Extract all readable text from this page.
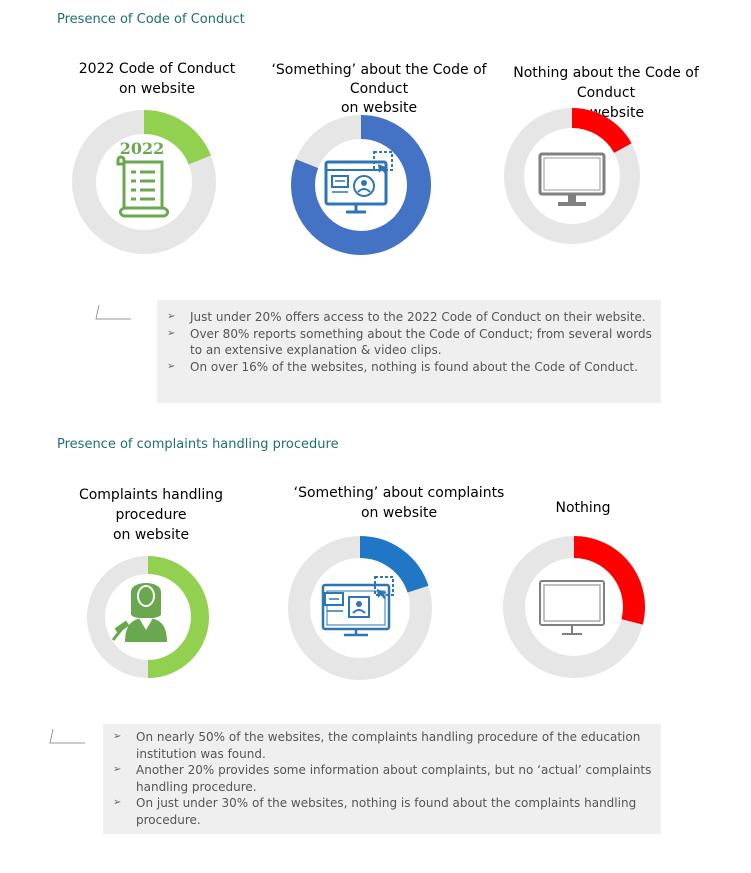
Presence of Code of Conduct
2022 Code of Conduct
on website
‘Something’ about the Code of
Conduct
on website
Nothing about the Code of Conduct
on website
2022
➢ Just under 20% offers access to the 2022 Code of Conduct on their website.
➢ Over 80% reports something about the Code of Conduct; from several words to an extensive explanation & video clips.
➢ On over 16% of the websites, nothing is found about the Code of Conduct.
Presence of complaints handling procedure
Complaints handling
procedure
on website
‘Something’ about complaints
on website	Nothing
➢ On nearly 50% of the websites, the complaints handling procedure of the education institution was found.
➢ Another 20% provides some information about complaints, but no ‘actual’ complaints handling procedure.
➢ On just under 30% of the websites, nothing is found about the complaints handling procedure.
